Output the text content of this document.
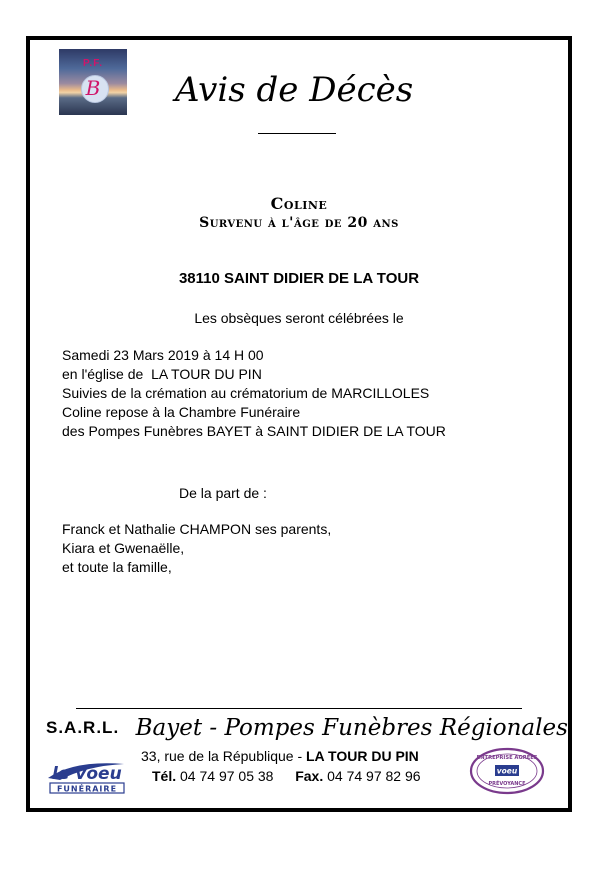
P.F.
B	Avis de Décès
Coline
Survenu à l'âge de 20 ans
38110 SAINT DIDIER DE LA TOUR
Les obsèques seront célébrées le
Samedi 23 Mars 2019 à 14 H 00
en l'église de  LA TOUR DU PIN
Suivies de la crémation au crématorium de MARCILLOLES
Coline repose à la Chambre Funéraire
des Pompes Funèbres BAYET à SAINT DIDIER DE LA TOUR
De la part de :
Franck et Nathalie CHAMPON ses parents,
Kiara et Gwenaëlle,
et toute la famille,
S.A.R.L. Bayet - Pompes Funèbres Régionales
33, rue de la République - LA TOUR DU PIN
Tél. 04 74 97 05 38 Fax. 04 74 97 82 96
le voeu
FUNÉRAIRE
ENTREPRISE AGRÉÉE
voeu
PRÉVOYANCE
